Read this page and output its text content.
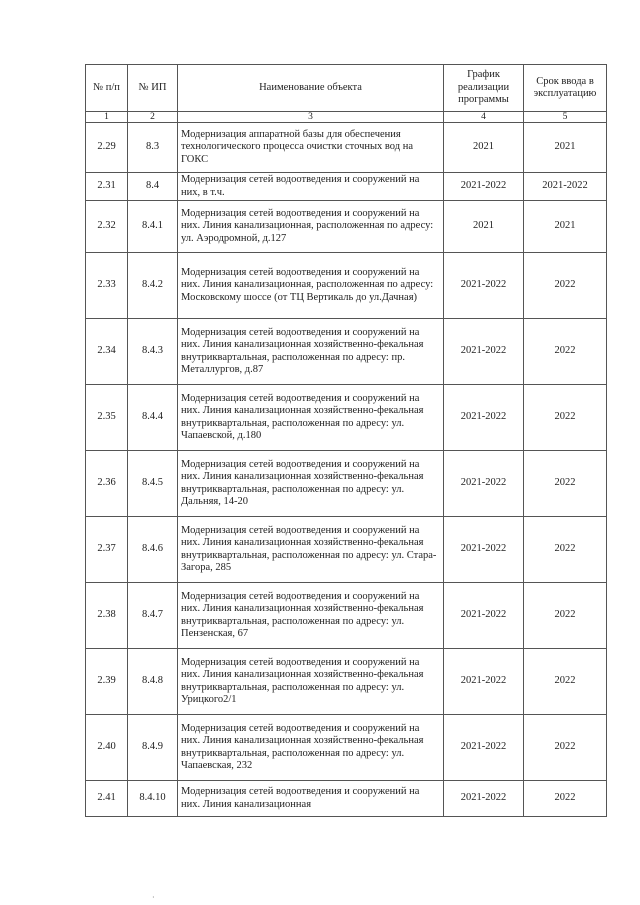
№ п/п	№ ИП	Наименование объекта	График реализации программы	Срок ввода в эксплуатацию
1	2	3	4	5
2.29	8.3	Модернизация аппаратной базы для обеспечения технологического процесса очистки сточных вод на ГОКС	2021	2021
2.31	8.4	Модернизация сетей водоотведения и сооружений на них, в т.ч.	2021-2022	2021-2022
2.32	8.4.1	Модернизация сетей водоотведения и сооружений на них. Линия канализационная, расположенная по адресу: ул. Аэродромной, д.127	2021	2021
2.33	8.4.2	Модернизация сетей водоотведения и сооружений на них. Линия канализационная, расположенная по адресу: Московскому шоссе (от ТЦ Вертикаль до ул.Дачная)	2021-2022	2022
2.34	8.4.3	Модернизация сетей водоотведения и сооружений на них. Линия канализационная хозяйственно-фекальная внутриквартальная, расположенная по адресу: пр. Металлургов, д.87	2021-2022	2022
2.35	8.4.4	Модернизация сетей водоотведения и сооружений на них. Линия канализационная хозяйственно-фекальная внутриквартальная, расположенная по адресу: ул. Чапаевской, д.180	2021-2022	2022
2.36	8.4.5	Модернизация сетей водоотведения и сооружений на них. Линия канализационная хозяйственно-фекальная внутриквартальная, расположенная по адресу: ул. Дальняя, 14-20	2021-2022	2022
2.37	8.4.6	Модернизация сетей водоотведения и сооружений на них. Линия канализационная хозяйственно-фекальная внутриквартальная, расположенная по адресу: ул. Стара-Загора, 285	2021-2022	2022
2.38	8.4.7	Модернизация сетей водоотведения и сооружений на них. Линия канализационная хозяйственно-фекальная внутриквартальная, расположенная по адресу: ул. Пензенская, 67	2021-2022	2022
2.39	8.4.8	Модернизация сетей водоотведения и сооружений на них. Линия канализационная хозяйственно-фекальная внутриквартальная, расположенная по адресу: ул. Урицкого2/1	2021-2022	2022
2.40	8.4.9	Модернизация сетей водоотведения и сооружений на них. Линия канализационная хозяйственно-фекальная внутриквартальная, расположенная по адресу: ул. Чапаевская, 232	2021-2022	2022
2.41	8.4.10	Модернизация сетей водоотведения и сооружений на них. Линия канализационная	2021-2022	2022
·
